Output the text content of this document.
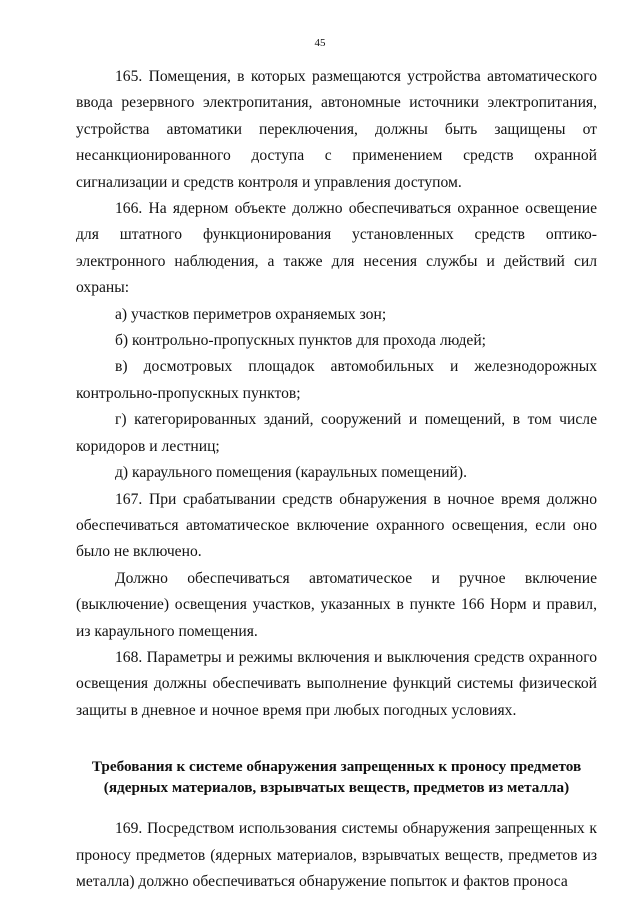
45

165. Помещения, в которых размещаются устройства автоматического ввода резервного электропитания, автономные источники электропитания, устройства автоматики переключения, должны быть защищены от несанкционированного доступа с применением средств охранной сигнализации и средств контроля и управления доступом.

166. На ядерном объекте должно обеспечиваться охранное освещение для штатного функционирования установленных средств оптико-электронного наблюдения, а также для несения службы и действий сил охраны:

а) участков периметров охраняемых зон;

б) контрольно-пропускных пунктов для прохода людей;

в) досмотровых площадок автомобильных и железнодорожных контрольно-пропускных пунктов;

г) категорированных зданий, сооружений и помещений, в том числе коридоров и лестниц;

д) караульного помещения (караульных помещений).

167. При срабатывании средств обнаружения в ночное время должно обеспечиваться автоматическое включение охранного освещения, если оно было не включено.

Должно обеспечиваться автоматическое и ручное включение (выключение) освещения участков, указанных в пункте 166 Норм и правил, из караульного помещения.

168. Параметры и режимы включения и выключения средств охранного освещения должны обеспечивать выполнение функций системы физической защиты в дневное и ночное время при любых погодных условиях.

Требования к системе обнаружения запрещенных к проносу предметов
(ядерных материалов, взрывчатых веществ, предметов из металла)

169. Посредством использования системы обнаружения запрещенных к проносу предметов (ядерных материалов, взрывчатых веществ, предметов из металла) должно обеспечиваться обнаружение попыток и фактов проноса
